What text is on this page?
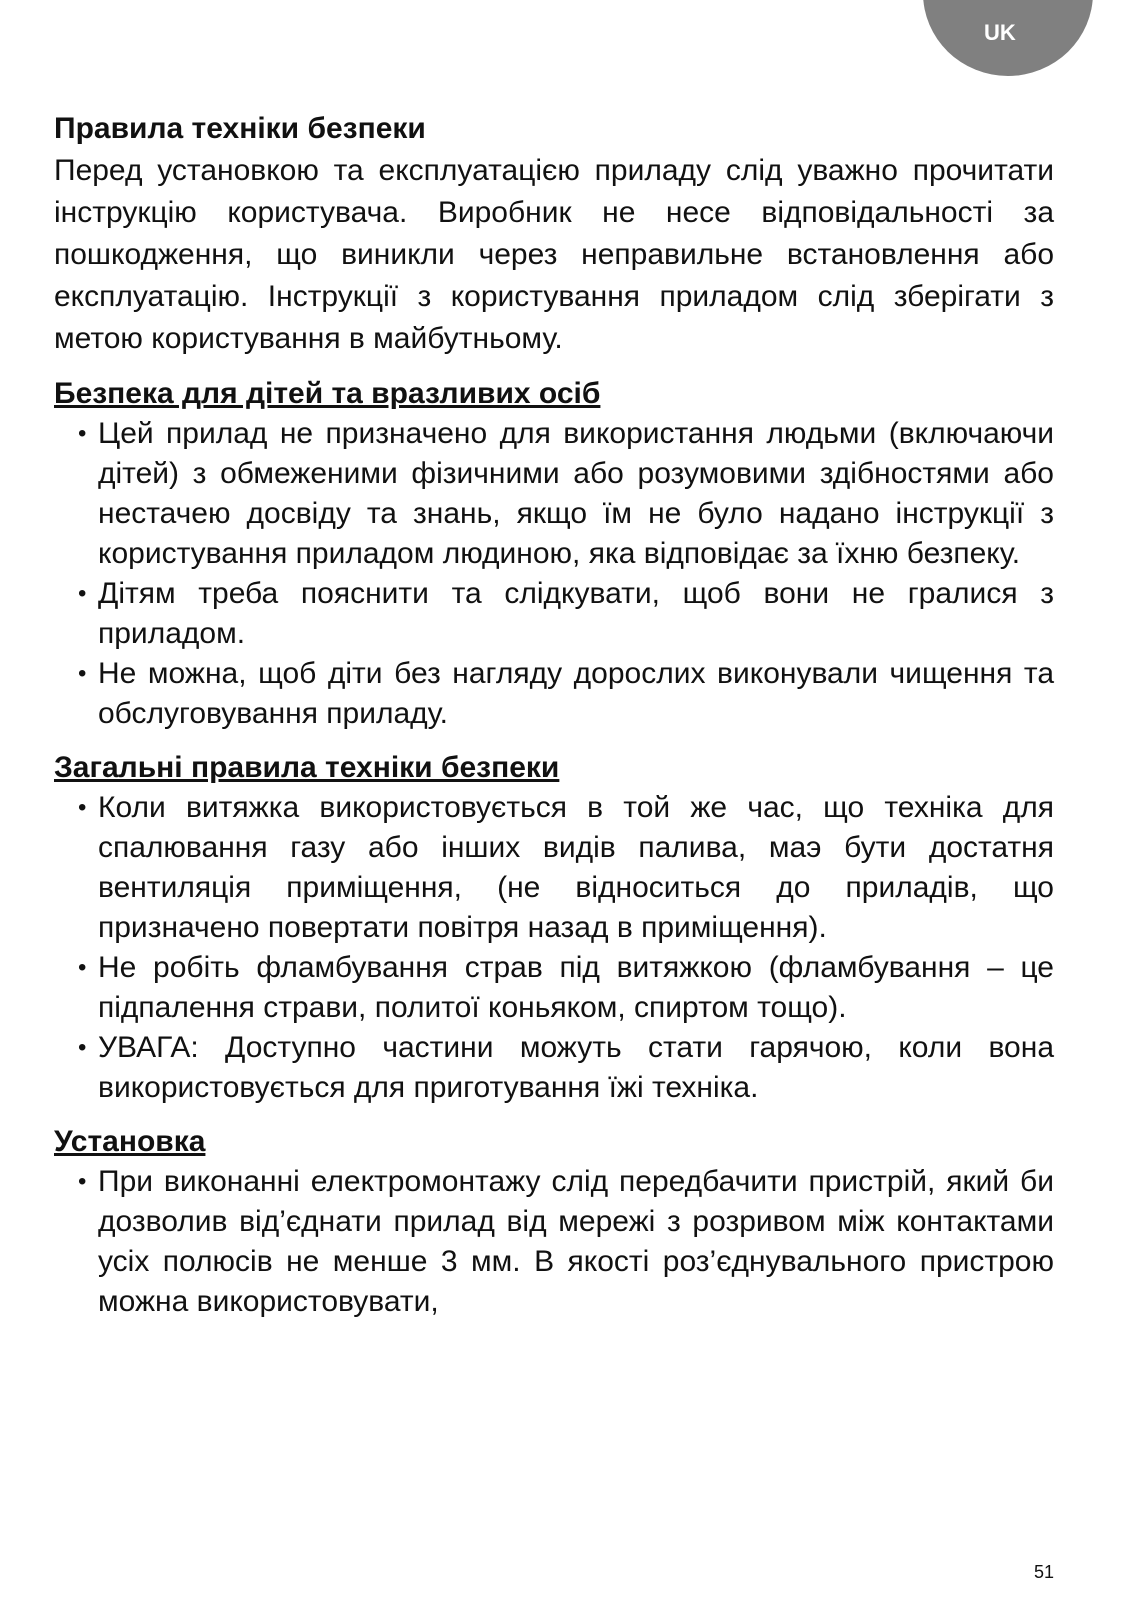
UK
Правила техніки безпеки

Перед установкою та експлуатацією приладу слід уважно прочитати інструкцію користувача. Виробник не несе відповідальності за пошкодження, що виникли через неправильне встановлення або експлуатацію. Інструкції з користування приладом слід зберігати з метою користування в майбутньому.

Безпека для дітей та вразливих осіб
• Цей прилад не призначено для використання людьми (включаючи дітей) з обмеженими фізичними або розумовими здібностями або нестачею досвіду та знань, якщо їм не було надано інструкції з користування приладом людиною, яка відповідає за їхню безпеку.
• Дітям треба пояснити та слідкувати, щоб вони не гралися з приладом.
• Не можна, щоб діти без нагляду дорослих виконували чищення та обслуговування приладу.
Загальні правила техніки безпеки
• Коли витяжка використовується в той же час, що техніка для спалювання газу або інших видів палива, маэ бути достатня вентиляція приміщення, (не відноситься до приладів, що призначено повертати повітря назад в приміщення).
• Не робіть фламбування страв під витяжкою (фламбування – це підпалення страви, политої коньяком, спиртом тощо).
• УВАГА: Доступно частини можуть стати гарячою, коли вона використовується для приготування їжі техніка.
Установка
• При виконанні електромонтажу слід передбачити пристрій, який би дозволив від’єднати прилад від мережі з розривом між контактами усіх полюсів не менше 3 мм. В якості роз’єднувального пристрою можна використовувати,
51
